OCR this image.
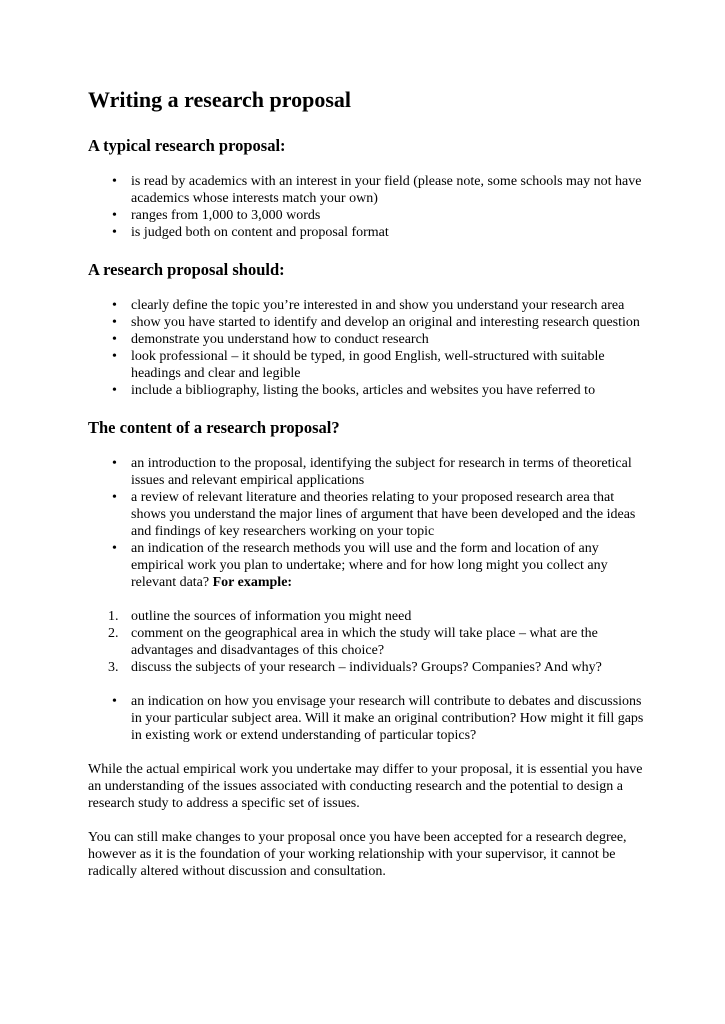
Writing a research proposal
A typical research proposal:
• is read by academics with an interest in your field (please note, some schools may not have academics whose interests match your own)
• ranges from 1,000 to 3,000 words
• is judged both on content and proposal format
A research proposal should:
• clearly define the topic you’re interested in and show you understand your research area
• show you have started to identify and develop an original and interesting research question
• demonstrate you understand how to conduct research
• look professional – it should be typed, in good English, well-structured with suitable headings and clear and legible
• include a bibliography, listing the books, articles and websites you have referred to
The content of a research proposal?
• an introduction to the proposal, identifying the subject for research in terms of theoretical issues and relevant empirical applications
• a review of relevant literature and theories relating to your proposed research area that shows you understand the major lines of argument that have been developed and the ideas and findings of key researchers working on your topic
• an indication of the research methods you will use and the form and location of any empirical work you plan to undertake; where and for how long might you collect any relevant data? For example:
1. outline the sources of information you might need
2. comment on the geographical area in which the study will take place – what are the advantages and disadvantages of this choice?
3. discuss the subjects of your research – individuals? Groups? Companies? And why?
• an indication on how you envisage your research will contribute to debates and discussions in your particular subject area. Will it make an original contribution? How might it fill gaps in existing work or extend understanding of particular topics?

While the actual empirical work you undertake may differ to your proposal, it is essential you have an understanding of the issues associated with conducting research and the potential to design a research study to address a specific set of issues.

You can still make changes to your proposal once you have been accepted for a research degree, however as it is the foundation of your working relationship with your supervisor, it cannot be radically altered without discussion and consultation.
